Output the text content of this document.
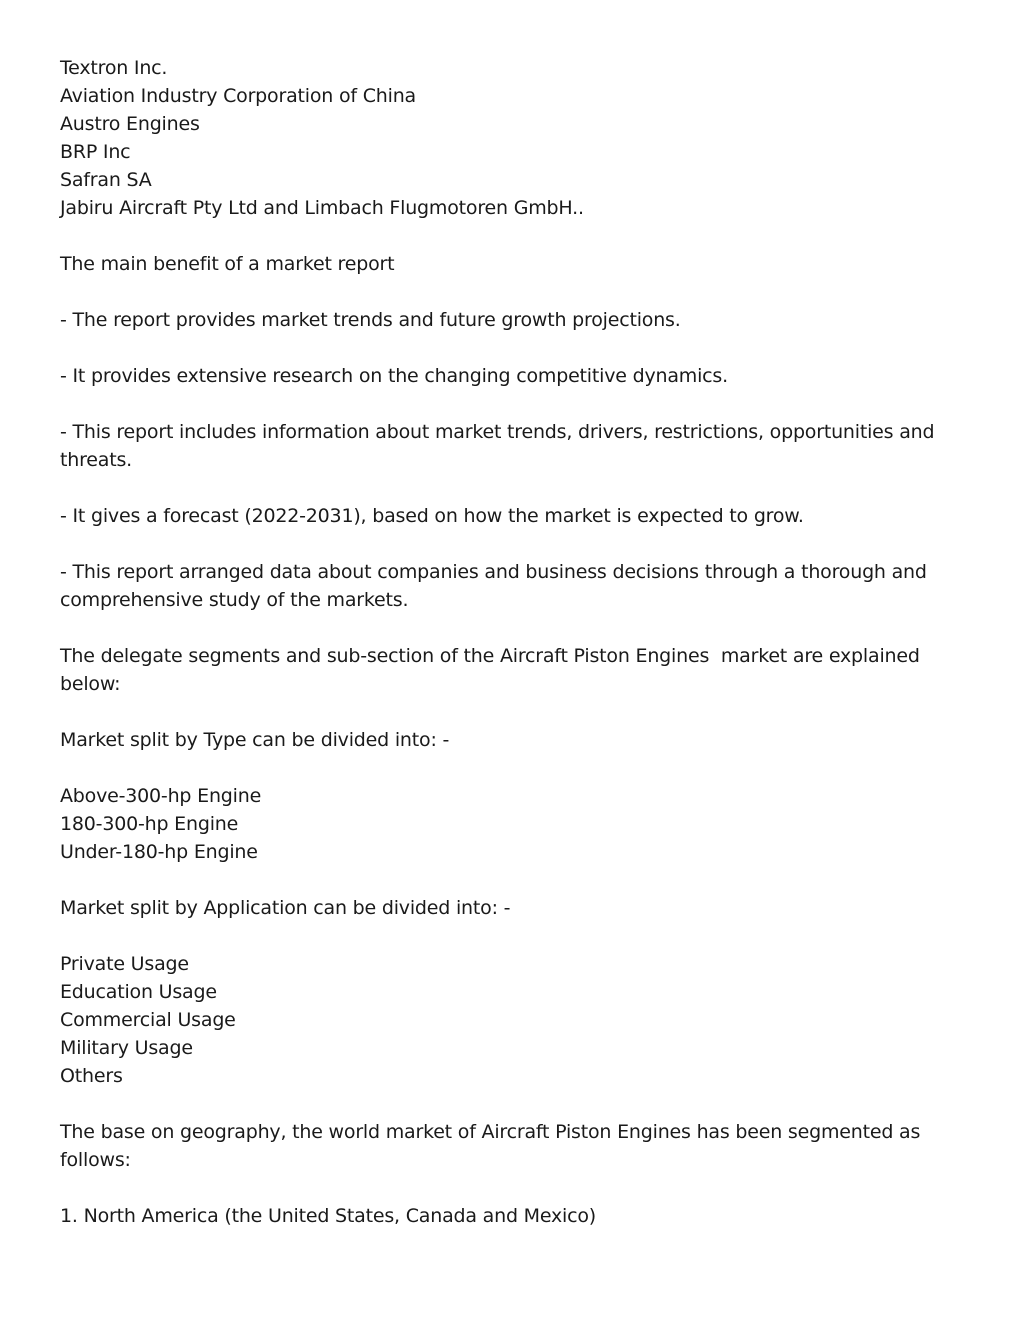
Textron Inc.
Aviation Industry Corporation of China
Austro Engines
BRP Inc
Safran SA
Jabiru Aircraft Pty Ltd and Limbach Flugmotoren GmbH..
The main benefit of a market report
- The report provides market trends and future growth projections.
- It provides extensive research on the changing competitive dynamics.
- This report includes information about market trends, drivers, restrictions, opportunities and threats.
- It gives a forecast (2022-2031), based on how the market is expected to grow.
- This report arranged data about companies and business decisions through a thorough and comprehensive study of the markets.
The delegate segments and sub-section of the Aircraft Piston Engines  market are explained below:
Market split by Type can be divided into: -
Above-300-hp Engine
180-300-hp Engine
Under-180-hp Engine
Market split by Application can be divided into: -
Private Usage
Education Usage
Commercial Usage
Military Usage
Others
The base on geography, the world market of Aircraft Piston Engines has been segmented as follows:
1. North America (the United States, Canada and Mexico)
